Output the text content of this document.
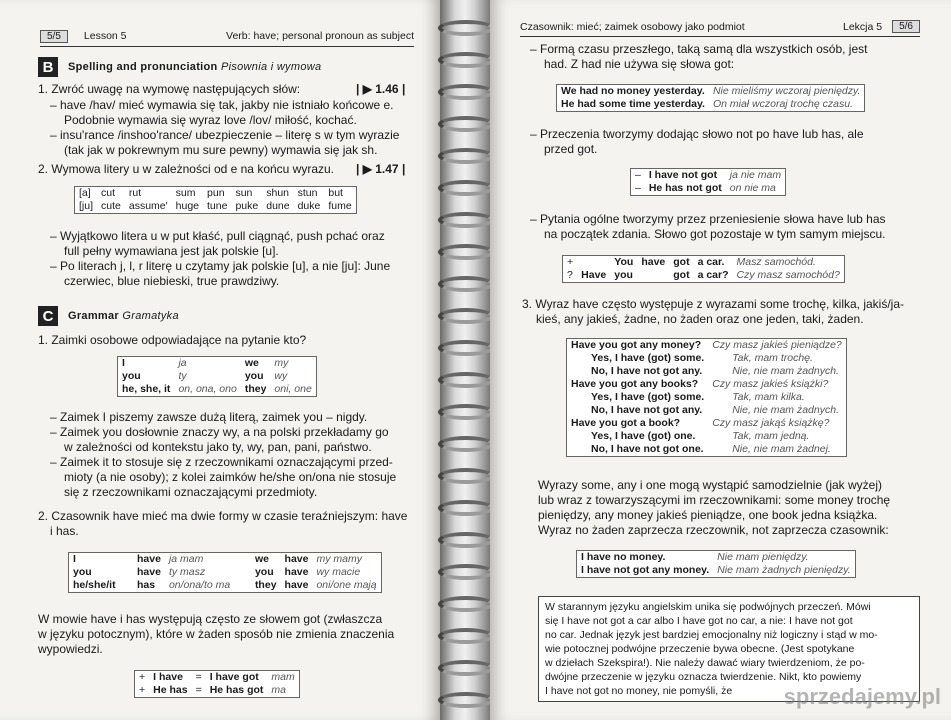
5/5	Lesson 5	Verb: have; personal pronoun as subject
B	Spelling and pronunciation Pisownia i wymowa

1. Zwróć uwagę na wymowę następujących słów:	| ▶ 1.46 |

– have /hav/ mieć wymawia się tak, jakby nie istniało końcowe e.

Podobnie wymawia się wyraz love /lov/ miłość, kochać.

– insu'rance /inshoo'rance/ ubezpieczenie – literę s w tym wyrazie

(tak jak w pokrewnym mu sure pewny) wymawia się jak sh.

2. Wymowa litery u w zależności od e na końcu wyrazu. | ▶ 1.47 |

[a]	cut	rut	sum	pun	sun	shun	stun	but
[ju]	cute	assume'	huge	tune	puke	dune	duke	fume

– Wyjątkowo litera u w put kłaść, pull ciągnąć, push pchać oraz

full pełny wymawiana jest jak polskie [u].

– Po literach j, l, r literę u czytamy jak polskie [u], a nie [ju]: June

czerwiec, blue niebieski, true prawdziwy.

C	Grammar Gramatyka

1. Zaimki osobowe odpowiadające na pytanie kto?

I	ja	we	my
you	ty	you	wy
he, she, it	on, ona, ono	they	oni, one

– Zaimek I piszemy zawsze dużą literą, zaimek you – nigdy.

– Zaimek you dosłownie znaczy wy, a na polski przekładamy go

w zależności od kontekstu jako ty, wy, pan, pani, państwo.

– Zaimek it to stosuje się z rzeczownikami oznaczającymi przed-

mioty (a nie osoby); z kolei zaimków he/she on/ona nie stosuje

się z rzeczownikami oznaczającymi przedmioty.

2. Czasownik have mieć ma dwie formy w czasie teraźniejszym: have

i has.

I	have	ja mam	we	have	my mamy
you	have	ty masz	you	have	wy macie
he/she/it	has	on/ona/to ma	they	have	oni/one mają

W mowie have i has występują często ze słowem got (zwłaszcza

w języku potocznym), które w żaden sposób nie zmienia znaczenia

wypowiedzi.

+	I have	=	I have got	mam
+	He has	=	He has got	ma
Czasownik: mieć; zaimek osobowy jako podmiot	Lekcja 5	5/6

– Formą czasu przeszłego, taką samą dla wszystkich osób, jest

had. Z had nie używa się słowa got:

We had no money yesterday.	Nie mieliśmy wczoraj pieniędzy.
He had some time yesterday.	On miał wczoraj trochę czasu.

– Przeczenia tworzymy dodając słowo not po have lub has, ale

przed got.

–	I have not got	ja nie mam
–	He has not got	on nie ma

– Pytania ogólne tworzymy przez przeniesienie słowa have lub has

na początek zdania. Słowo got pozostaje w tym samym miejscu.

+		You	have	got	a car.	Masz samochód.
?	Have	you		got	a car?	Czy masz samochód?

3. Wyraz have często występuje z wyrazami some trochę, kilka, jakiś/ja-

kieś, any jakieś, żadne, no żaden oraz one jeden, taki, żaden.

Have you got any money?	Czy masz jakieś pieniądze?
Yes, I have (got) some.	Tak, mam trochę.
No, I have not got any.	Nie, nie mam żadnych.
Have you got any books?	Czy masz jakieś książki?
Yes, I have (got) some.	Tak, mam kilka.
No, I have not got any.	Nie, nie mam żadnych.
Have you got a book?	Czy masz jakąś książkę?
Yes, I have (got) one.	Tak, mam jedną.
No, I have not got one.	Nie, nie mam żadnej.

Wyrazy some, any i one mogą wystąpić samodzielnie (jak wyżej)

lub wraz z towarzyszącymi im rzeczownikami: some money trochę

pieniędzy, any money jakieś pieniądze, one book jedna książka.

Wyraz no żaden zaprzecza rzeczownik, not zaprzecza czasownik:

I have no money.	Nie mam pieniędzy.
I have not got any money.	Nie mam żadnych pieniędzy.

W starannym języku angielskim unika się podwójnych przeczeń. Mówi

się I have not got a car albo I have got no car, a nie: I have not got

no car. Jednak język jest bardziej emocjonalny niż logiczny i stąd w mo-

wie potocznej podwójne przeczenie bywa obecne. (Jest spotykane

w dziełach Szekspira!). Nie należy dawać wiary twierdzeniom, że po-

dwójne przeczenie w języku oznacza twierdzenie. Nikt, kto powiemy

I have not got no money, nie pomyśli, że	sprzedajemy.pl
